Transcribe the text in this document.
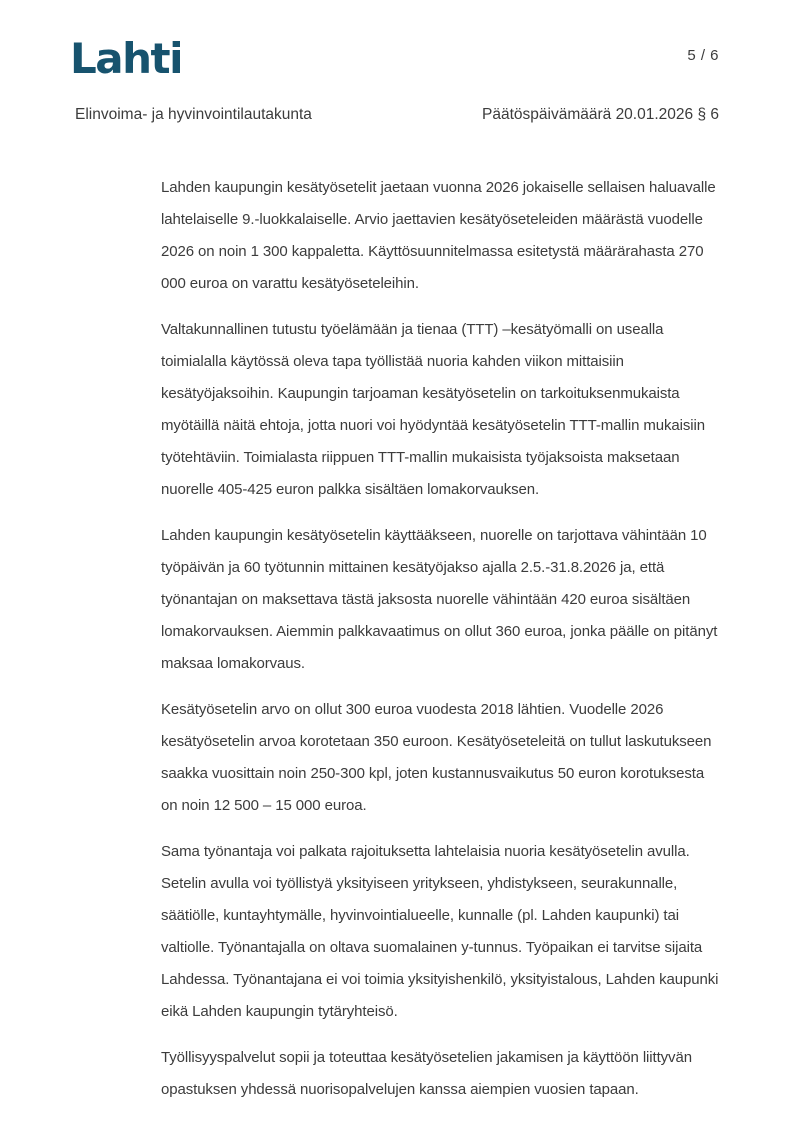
Lahti	5 / 6
Elinvoima- ja hyvinvointilautakunta	Päätöspäivämäärä 20.01.2026 § 6

Lahden kaupungin kesätyösetelit jaetaan vuonna 2026 jokaiselle sellaisen haluavalle lahtelaiselle 9.-luokkalaiselle. Arvio jaettavien kesätyöseteleiden määrästä vuodelle 2026 on noin 1 300 kappaletta. Käyttösuunnitelmassa esitetystä määrärahasta 270 000 euroa on varattu kesätyöseteleihin.

Valtakunnallinen tutustu työelämään ja tienaa (TTT) –kesätyömalli on usealla toimialalla käytössä oleva tapa työllistää nuoria kahden viikon mittaisiin kesätyöjaksoihin. Kaupungin tarjoaman kesätyösetelin on tarkoituksenmukaista myötäillä näitä ehtoja, jotta nuori voi hyödyntää kesätyösetelin TTT-mallin mukaisiin työtehtäviin. Toimialasta riippuen TTT-mallin mukaisista työjaksoista maksetaan nuorelle 405-425 euron palkka sisältäen lomakorvauksen.

Lahden kaupungin kesätyösetelin käyttääkseen, nuorelle on tarjottava vähintään 10 työpäivän ja 60 työtunnin mittainen kesätyöjakso ajalla 2.5.-31.8.2026 ja, että työnantajan on maksettava tästä jaksosta nuorelle vähintään 420 euroa sisältäen lomakorvauksen. Aiemmin palkkavaatimus on ollut 360 euroa, jonka päälle on pitänyt maksaa lomakorvaus.

Kesätyösetelin arvo on ollut 300 euroa vuodesta 2018 lähtien. Vuodelle 2026 kesätyösetelin arvoa korotetaan 350 euroon. Kesätyöseteleitä on tullut laskutukseen saakka vuosittain noin 250-300 kpl, joten kustannusvaikutus 50 euron korotuksesta on noin 12 500 – 15 000 euroa.

Sama työnantaja voi palkata rajoituksetta lahtelaisia nuoria kesätyösetelin avulla. Setelin avulla voi työllistyä yksityiseen yritykseen, yhdistykseen, seurakunnalle, säätiölle, kuntayhtymälle, hyvinvointialueelle, kunnalle (pl. Lahden kaupunki) tai valtiolle. Työnantajalla on oltava suomalainen y-tunnus. Työpaikan ei tarvitse sijaita Lahdessa. Työnantajana ei voi toimia yksityishenkilö, yksityistalous, Lahden kaupunki eikä Lahden kaupungin tytäryhteisö.

Työllisyyspalvelut sopii ja toteuttaa kesätyösetelien jakamisen ja käyttöön liittyvän opastuksen yhdessä nuorisopalvelujen kanssa aiempien vuosien tapaan.
